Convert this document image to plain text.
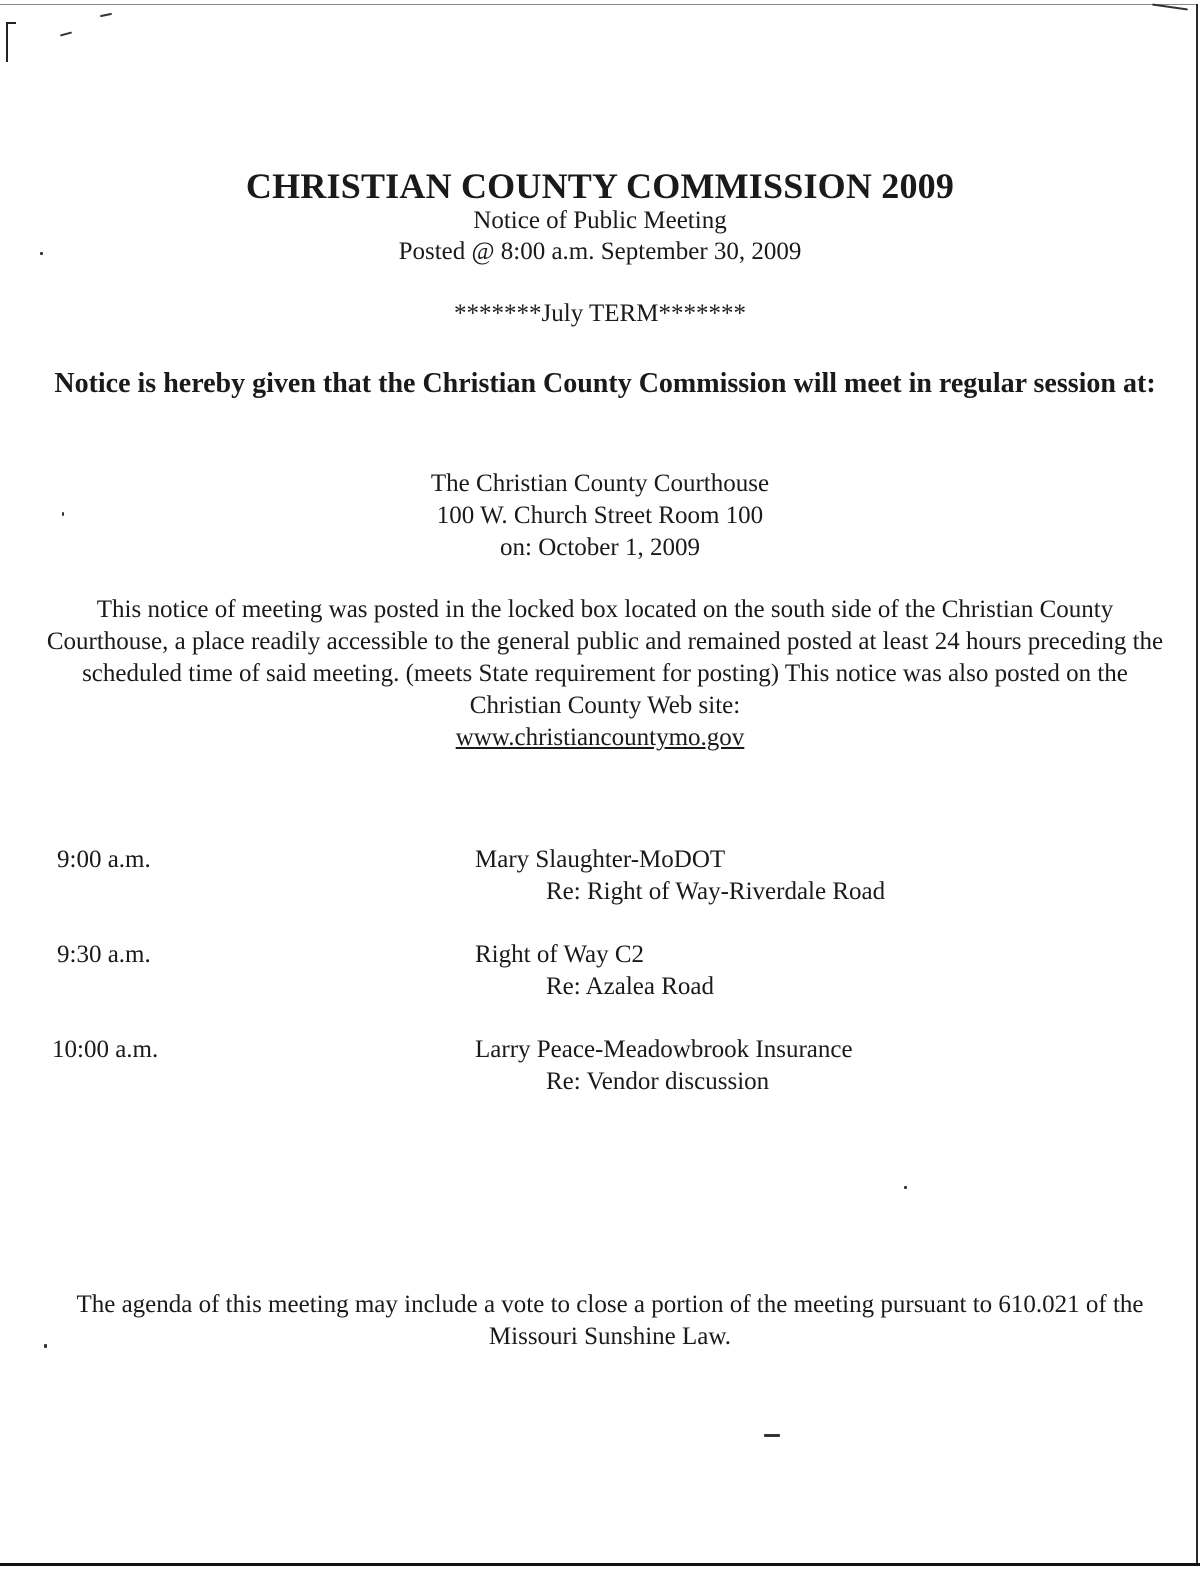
CHRISTIAN COUNTY COMMISSION 2009
Notice of Public Meeting
Posted @ 8:00 a.m. September 30, 2009
*******July TERM*******
Notice is hereby given that the Christian County Commission will meet in regular session at:
The Christian County Courthouse
100 W. Church Street Room 100
on: October 1, 2009
This notice of meeting was posted in the locked box located on the south side of the Christian County Courthouse, a place readily accessible to the general public and remained posted at least 24 hours preceding the scheduled time of said meeting. (meets State requirement for posting) This notice was also posted on the Christian County Web site:
www.christiancountymo.gov
9:00 a.m.	Mary Slaughter-MoDOT
Re: Right of Way-Riverdale Road
9:30 a.m.	Right of Way C2
Re: Azalea Road
10:00 a.m.	Larry Peace-Meadowbrook Insurance
Re: Vendor discussion
The agenda of this meeting may include a vote to close a portion of the meeting pursuant to 610.021 of the Missouri Sunshine Law.
